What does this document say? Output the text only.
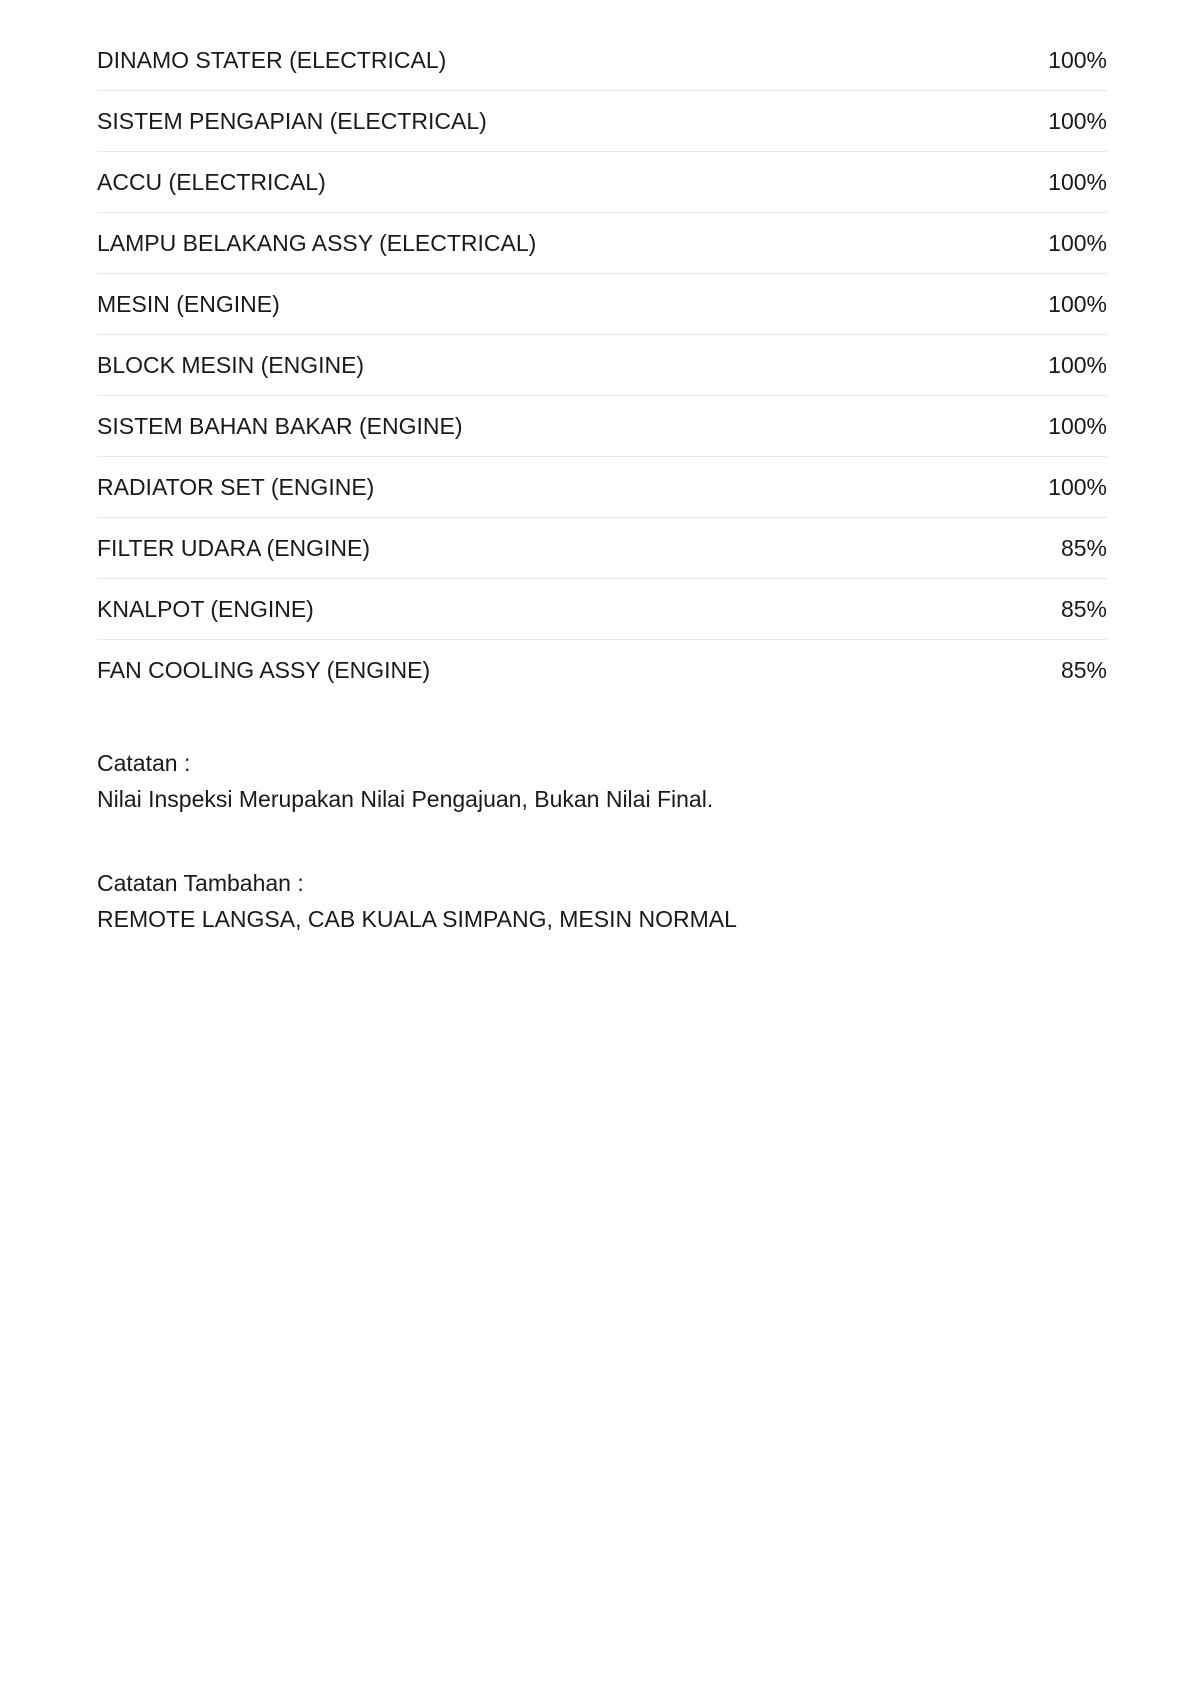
DINAMO STATER (ELECTRICAL)	100%
SISTEM PENGAPIAN (ELECTRICAL)	100%
ACCU (ELECTRICAL)	100%
LAMPU BELAKANG ASSY (ELECTRICAL)	100%
MESIN (ENGINE)	100%
BLOCK MESIN (ENGINE)	100%
SISTEM BAHAN BAKAR (ENGINE)	100%
RADIATOR SET (ENGINE)	100%
FILTER UDARA (ENGINE)	85%
KNALPOT (ENGINE)	85%
FAN COOLING ASSY (ENGINE)	85%
Catatan :
Nilai Inspeksi Merupakan Nilai Pengajuan, Bukan Nilai Final.
Catatan Tambahan :
REMOTE LANGSA, CAB KUALA SIMPANG, MESIN NORMAL
